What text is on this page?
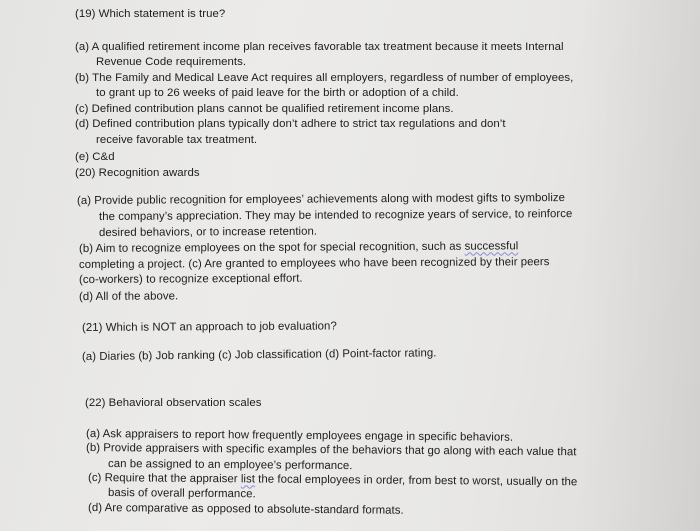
(19) Which statement is true?
(a) A qualified retirement income plan receives favorable tax treatment because it meets Internal
Revenue Code requirements.
(b) The Family and Medical Leave Act requires all employers, regardless of number of employees,
to grant up to 26 weeks of paid leave for the birth or adoption of a child.
(c) Defined contribution plans cannot be qualified retirement income plans.
(d) Defined contribution plans typically don’t adhere to strict tax regulations and don’t
receive favorable tax treatment.
(e) C&d
(20) Recognition awards
(a) Provide public recognition for employees’ achievements along with modest gifts to symbolize
the company’s appreciation. They may be intended to recognize years of service, to reinforce
desired behaviors, or to increase retention.
(b) Aim to recognize employees on the spot for special recognition, such as successful
completing a project. (c) Are granted to employees who have been recognized by their peers
(co-workers) to recognize exceptional effort.
(d) All of the above.
(21) Which is NOT an approach to job evaluation?
(a) Diaries (b) Job ranking (c) Job classification (d) Point-factor rating.
(22) Behavioral observation scales
(a) Ask appraisers to report how frequently employees engage in specific behaviors.
(b) Provide appraisers with specific examples of the behaviors that go along with each value that
can be assigned to an employee’s performance.
(c) Require that the appraiser list the focal employees in order, from best to worst, usually on the
basis of overall performance.
(d) Are comparative as opposed to absolute-standard formats.
